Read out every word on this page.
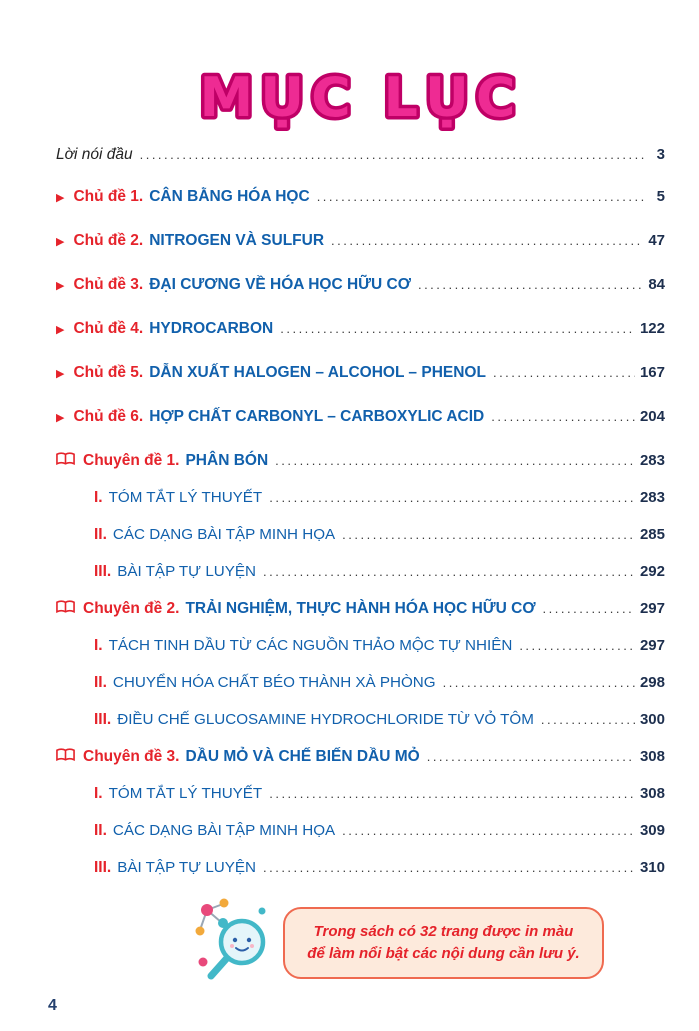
MỤC LỤC
Lời nói đầu .....	3
▶ Chủ đề 1. CÂN BẰNG HÓA HỌC .....	5
▶ Chủ đề 2. NITROGEN VÀ SULFUR .....	47
▶ Chủ đề 3. ĐẠI CƯƠNG VỀ HÓA HỌC HỮU CƠ .....	84
▶ Chủ đề 4. HYDROCARBON .....	122
▶ Chủ đề 5. DẪN XUẤT HALOGEN – ALCOHOL – PHENOL .....	167
▶ Chủ đề 6. HỢP CHẤT CARBONYL – CARBOXYLIC ACID .....	204
Chuyên đề 1. PHÂN BÓN .....	283
I. TÓM TẮT LÝ THUYẾT .....	283
II. CÁC DẠNG BÀI TẬP MINH HỌA .....	285
III. BÀI TẬP TỰ LUYỆN .....	292
Chuyên đề 2. TRẢI NGHIỆM, THỰC HÀNH HÓA HỌC HỮU CƠ .....	297
I. TÁCH TINH DẦU TỪ CÁC NGUỒN THẢO MỘC TỰ NHIÊN .....	297
II. CHUYỂN HÓA CHẤT BÉO THÀNH XÀ PHÒNG .....	298
III. ĐIỀU CHẾ GLUCOSAMINE HYDROCHLORIDE TỪ VỎ TÔM .....	300
Chuyên đề 3. DẦU MỎ VÀ CHẾ BIẾN DẦU MỎ .....	308
I. TÓM TẮT LÝ THUYẾT .....	308
II. CÁC DẠNG BÀI TẬP MINH HỌA .....	309
III. BÀI TẬP TỰ LUYỆN .....	310
Trong sách có 32 trang được in màu
để làm nổi bật các nội dung cần lưu ý.
4
